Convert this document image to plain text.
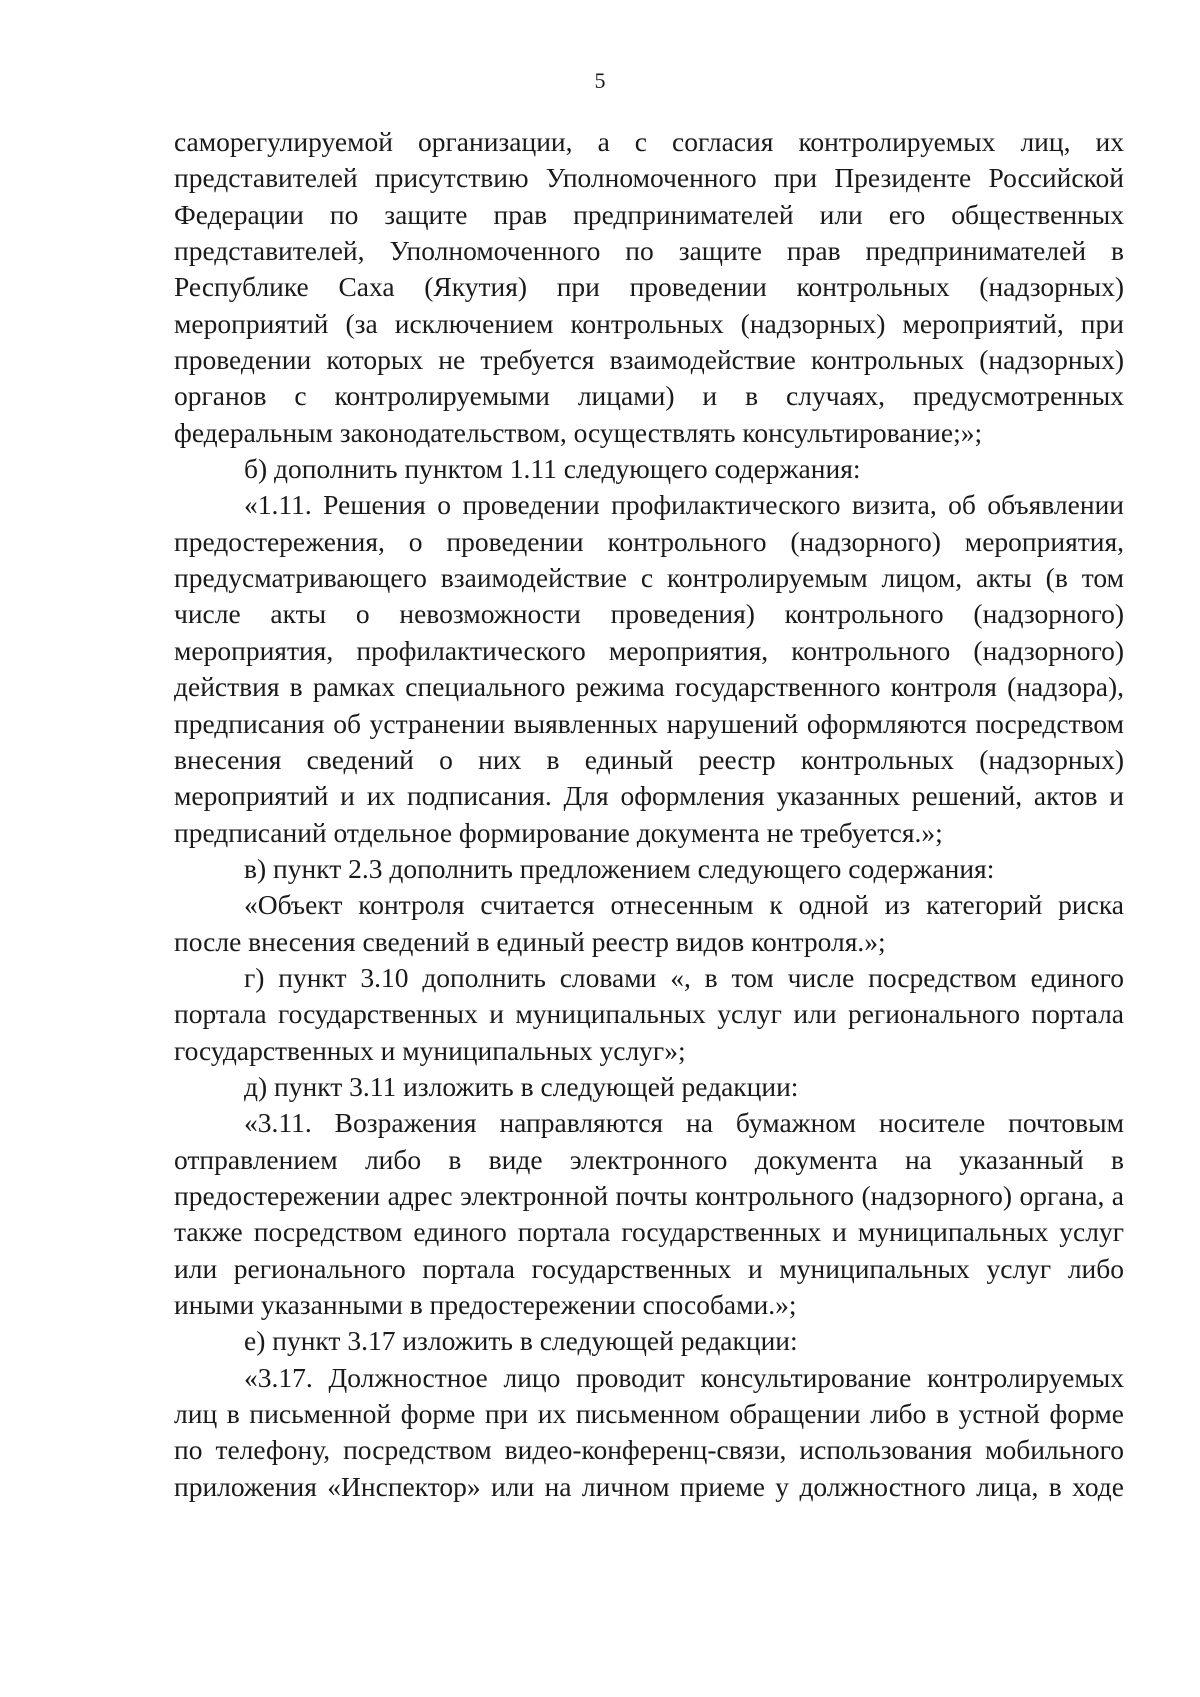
5

саморегулируемой организации, а с согласия контролируемых лиц, их представителей присутствию Уполномоченного при Президенте Российской Федерации по защите прав предпринимателей или его общественных представителей, Уполномоченного по защите прав предпринимателей в Республике Саха (Якутия) при проведении контрольных (надзорных) мероприятий (за исключением контрольных (надзорных) мероприятий, при проведении которых не требуется взаимодействие контрольных (надзорных) органов с контролируемыми лицами) и в случаях, предусмотренных федеральным законодательством, осуществлять консультирование;»;

б) дополнить пунктом 1.11 следующего содержания:

«1.11. Решения о проведении профилактического визита, об объявлении предостережения, о проведении контрольного (надзорного) мероприятия, предусматривающего взаимодействие с контролируемым лицом, акты (в том числе акты о невозможности проведения) контрольного (надзорного) мероприятия, профилактического мероприятия, контрольного (надзорного) действия в рамках специального режима государственного контроля (надзора), предписания об устранении выявленных нарушений оформляются посредством внесения сведений о них в единый реестр контрольных (надзорных) мероприятий и их подписания. Для оформления указанных решений, актов и предписаний отдельное формирование документа не требуется.»;

в) пункт 2.3 дополнить предложением следующего содержания:

«Объект контроля считается отнесенным к одной из категорий риска после внесения сведений в единый реестр видов контроля.»;

г) пункт 3.10 дополнить словами «, в том числе посредством единого портала государственных и муниципальных услуг или регионального портала государственных и муниципальных услуг»;

д) пункт 3.11 изложить в следующей редакции:

«3.11. Возражения направляются на бумажном носителе почтовым отправлением либо в виде электронного документа на указанный в предостережении адрес электронной почты контрольного (надзорного) органа, а также посредством единого портала государственных и муниципальных услуг или регионального портала государственных и муниципальных услуг либо иными указанными в предостережении способами.»;

е) пункт 3.17 изложить в следующей редакции:

«3.17. Должностное лицо проводит консультирование контролируемых лиц в письменной форме при их письменном обращении либо в устной форме по телефону, посредством видео-конференц-связи, использования мобильного приложения «Инспектор» или на личном приеме у должностного лица, в ходе
